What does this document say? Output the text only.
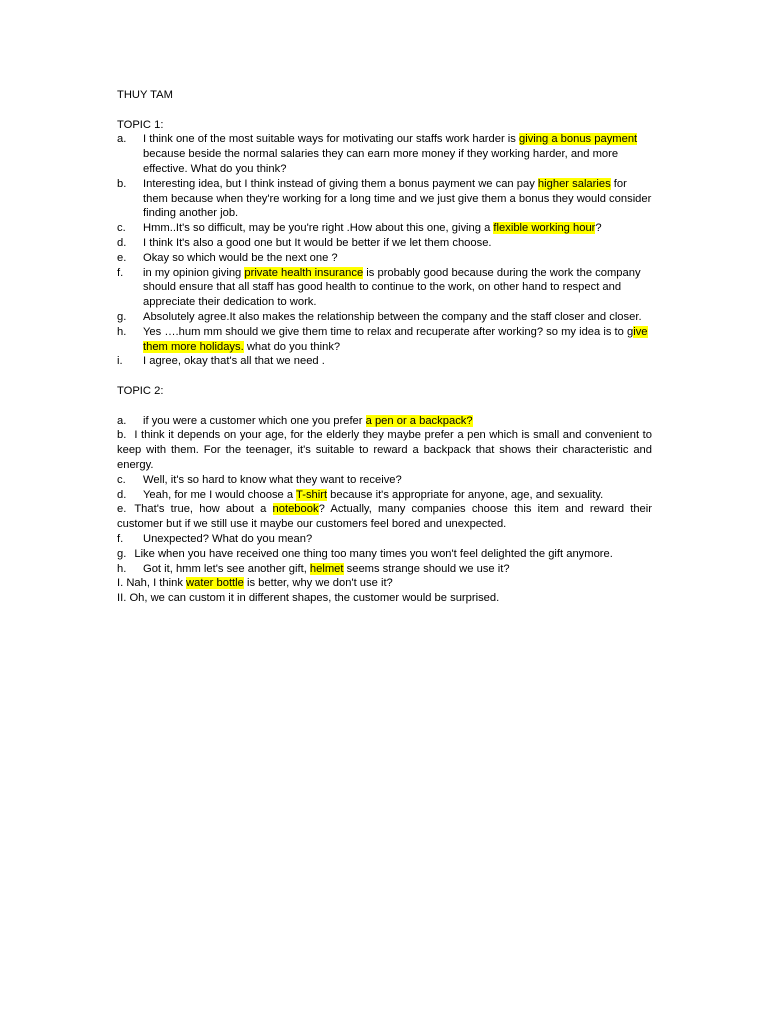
THUY TAM

TOPIC 1:

a.	I think one of the most suitable ways for motivating our staffs work harder is giving a bonus payment because beside the normal salaries they can earn more money if they working harder, and more effective. What do you think?
b.	Interesting idea, but I think instead of giving them a bonus payment we can pay higher salaries for them because when they're working for a long time and we just give them a bonus they would consider finding another job.
c.	Hmm..It's so difficult, may be you're right .How about this one, giving a flexible working hour?
d.	I think It's also a good one but It would be better if we let them choose.
e.	Okay so which would be the next one ?
f.	in my opinion giving private health insurance is probably good because during the work the company should ensure that all staff has good health to continue to the work, on other hand to respect and appreciate their dedication to work.
g.	Absolutely agree.It also makes the relationship between the company and the staff closer and closer.
h.	Yes ….hum mm should we give them time to relax and recuperate after working? so my idea is to give them more holidays. what do you think?
i.	I agree, okay that's all that we need .

TOPIC 2:

a.	if you were a customer which one you prefer a pen or a backpack?

b. I think it depends on your age, for the elderly they maybe prefer a pen which is small and convenient to keep with them. For the teenager, it's suitable to reward a backpack that shows their characteristic and energy.

c.	Well, it's so hard to know what they want to receive?
d.	Yeah, for me I would choose a T-shirt because it's appropriate for anyone, age, and sexuality.

e. That's true, how about a notebook? Actually, many companies choose this item and reward their customer but if we still use it maybe our customers feel bored and unexpected.

f.	Unexpected? What do you mean?

g. Like when you have received one thing too many times you won't feel delighted the gift anymore.

h.	Got it, hmm let's see another gift, helmet seems strange should we use it?

I. Nah, I think water bottle is better, why we don't use it?

II. Oh, we can custom it in different shapes, the customer would be surprised.
